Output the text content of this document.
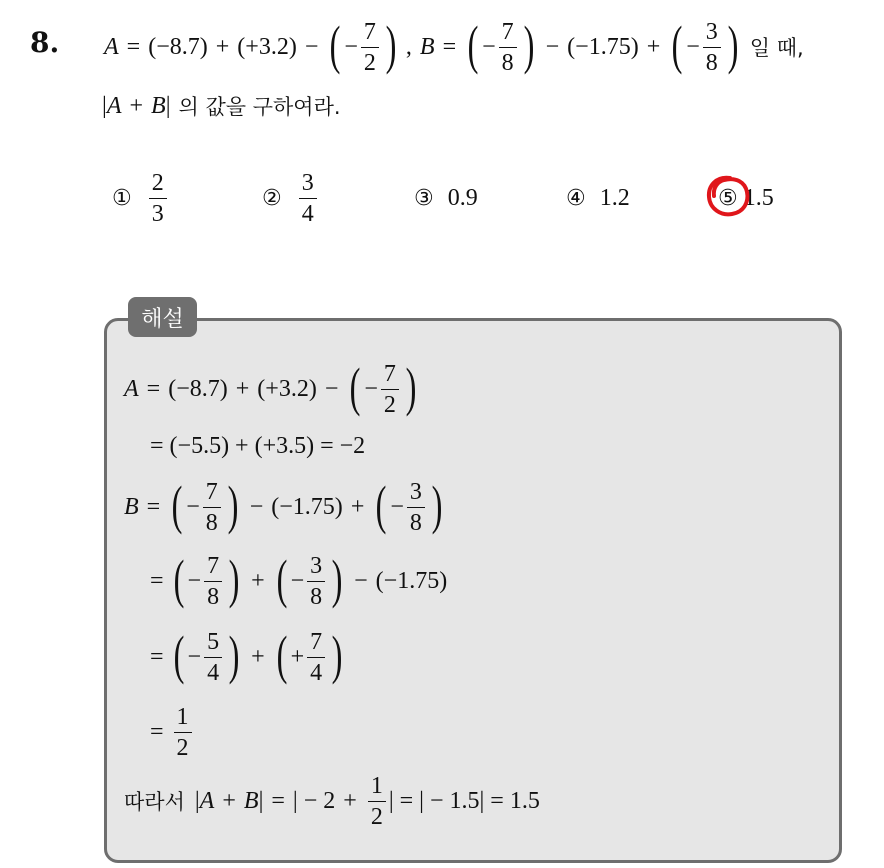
8. A = (−8.7) + (+3.2) − ( − $\frac{7}{2}$ ) , B = ( − $\frac{7}{8}$ ) − (−1.75) + ( − $\frac{3}{8}$ ) 일 때,
| A + B | 의 값을 구하여라.
① $\frac{2}{3}$	② $\frac{3}{4}$	③ 0.9	④ 1.2	⑤ 1.5
해설
A = (−8.7) + (+3.2) − ( − $\frac{7}{2}$ )
= (−5.5) + (+3.5) = −2
B = ( − $\frac{7}{8}$ ) − (−1.75) + ( − $\frac{3}{8}$ )
= ( − $\frac{7}{8}$ ) + ( − $\frac{3}{8}$ ) − (−1.75)
= ( − $\frac{5}{4}$ ) + ( + $\frac{7}{4}$ )
= $\frac{1}{2}$
따라서 | A + B | = | − $2 + \frac{1}{2}$ | = | − 1.5| = 1.5
